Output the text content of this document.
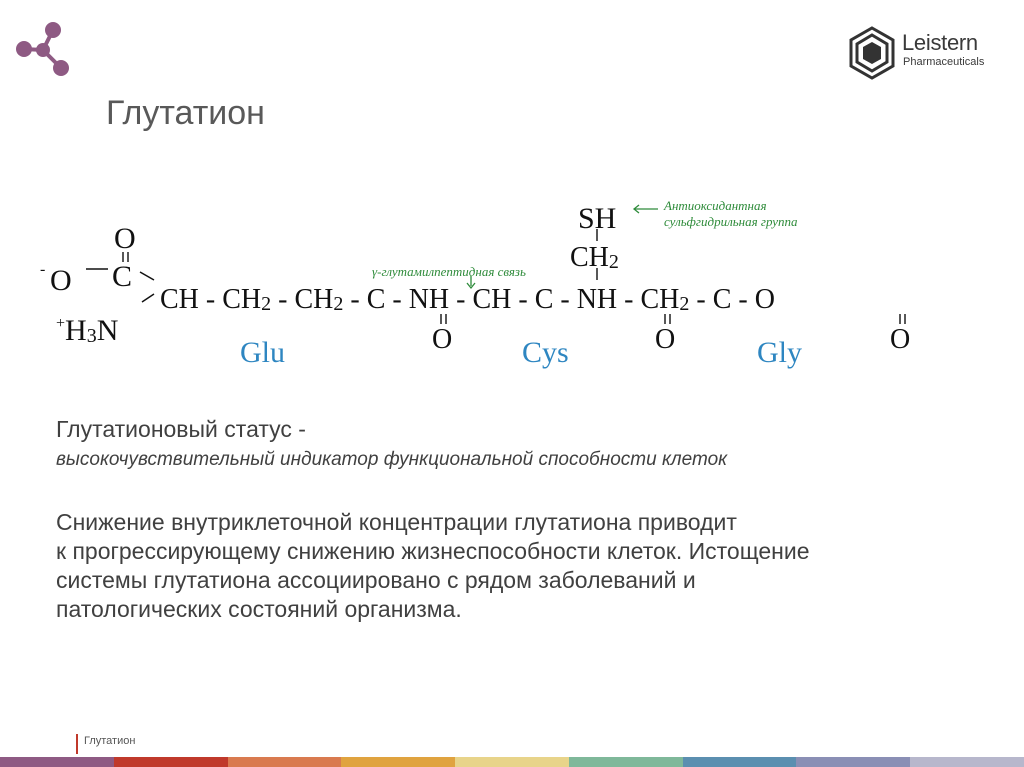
Leistern
Pharmaceuticals
Глутатион
O
- O C
+H3N
CH - CH2 - CH2 - C - NH - CH - C - NH - CH2 - C - O
O	O	O
SH
CH2
Glu	Cys	Gly
γ-глутамилпептидная связь
Антиоксидантная
сульфгидрильная группа
Глутатионовый статус -
высокочувствительный индикатор функциональной способности клеток
Снижение внутриклеточной концентрации глутатиона приводит
к прогрессирующему снижению жизнеспособности клеток. Истощение
системы глутатиона ассоциировано с рядом заболеваний и
патологических состояний организма.
Глутатион
